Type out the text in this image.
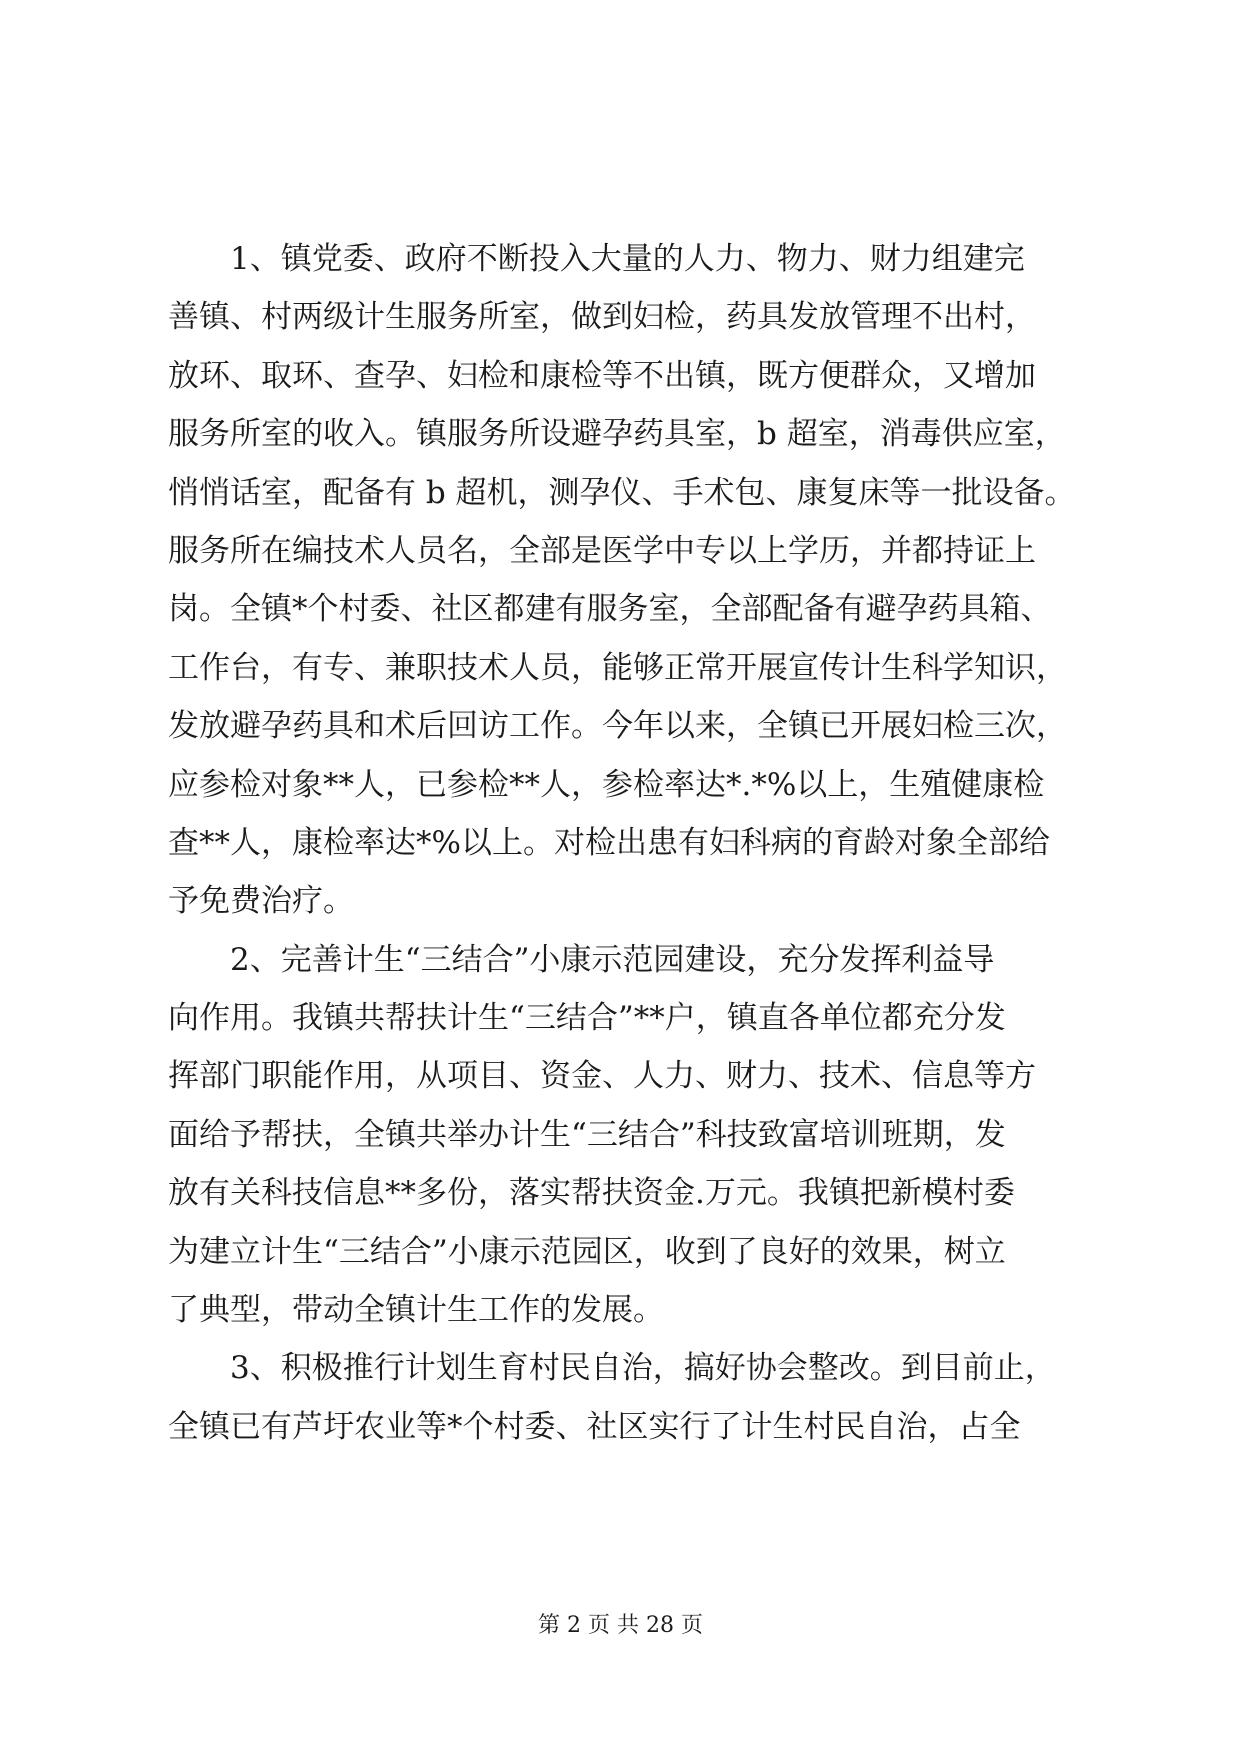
1、镇党委、政府不断投入大量的人力、物力、财力组建完
善镇、村两级计生服务所室，做到妇检，药具发放管理不出村，
放环、取环、查孕、妇检和康检等不出镇，既方便群众，又增加
服务所室的收入。镇服务所设避孕药具室，b 超室，消毒供应室，
悄悄话室，配备有 b 超机，测孕仪、手术包、康复床等一批设备。
服务所在编技术人员名，全部是医学中专以上学历，并都持证上
岗。全镇*个村委、社区都建有服务室，全部配备有避孕药具箱、
工作台，有专、兼职技术人员，能够正常开展宣传计生科学知识，
发放避孕药具和术后回访工作。今年以来，全镇已开展妇检三次，
应参检对象**人，已参检**人，参检率达*.*%以上，生殖健康检
查**人，康检率达*%以上。对检出患有妇科病的育龄对象全部给
予免费治疗。
2、完善计生“三结合”小康示范园建设，充分发挥利益导
向作用。我镇共帮扶计生“三结合”**户，镇直各单位都充分发
挥部门职能作用，从项目、资金、人力、财力、技术、信息等方
面给予帮扶，全镇共举办计生“三结合”科技致富培训班期，发
放有关科技信息**多份，落实帮扶资金.万元。我镇把新模村委
为建立计生“三结合”小康示范园区，收到了良好的效果，树立
了典型，带动全镇计生工作的发展。
3、积极推行计划生育村民自治，搞好协会整改。到目前止，
全镇已有芦圩农业等*个村委、社区实行了计生村民自治，占全
第 2 页 共 28 页
